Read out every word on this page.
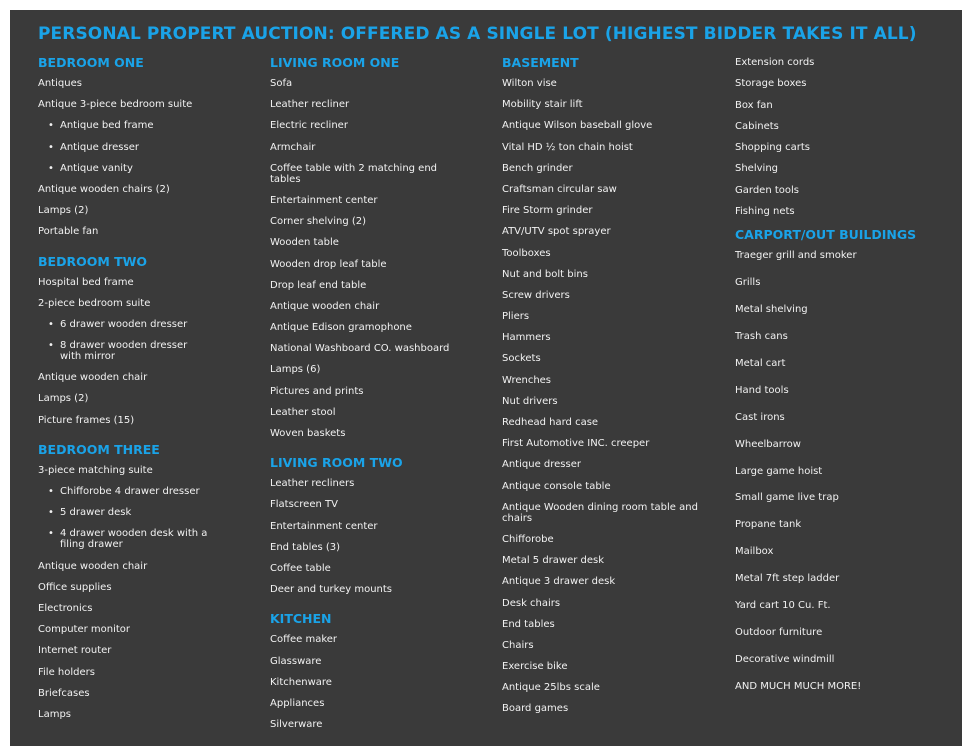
PERSONAL PROPERT AUCTION: OFFERED AS A SINGLE LOT (HIGHEST BIDDER TAKES IT ALL)
BEDROOM ONE
Antiques
Antique 3-piece bedroom suite
• Antique bed frame
• Antique dresser
• Antique vanity
Antique wooden chairs (2)
Lamps (2)
Portable fan
BEDROOM TWO
Hospital bed frame
2-piece bedroom suite
• 6 drawer wooden dresser
• 8 drawer wooden dresser with mirror
Antique wooden chair
Lamps (2)
Picture frames (15)
BEDROOM THREE
3-piece matching suite
• Chifforobe 4 drawer dresser
• 5 drawer desk
• 4 drawer wooden desk with a filing drawer
Antique wooden chair
Office supplies
Electronics
Computer monitor
Internet router
File holders
Briefcases
Lamps
LIVING ROOM ONE
Sofa
Leather recliner
Electric recliner
Armchair
Coffee table with 2 matching end tables
Entertainment center
Corner shelving (2)
Wooden table
Wooden drop leaf table
Drop leaf end table
Antique wooden chair
Antique Edison gramophone
National Washboard CO. washboard
Lamps (6)
Pictures and prints
Leather stool
Woven baskets
LIVING ROOM TWO
Leather recliners
Flatscreen TV
Entertainment center
End tables (3)
Coffee table
Deer and turkey mounts
KITCHEN
Coffee maker
Glassware
Kitchenware
Appliances
Silverware
BASEMENT
Wilton vise
Mobility stair lift
Antique Wilson baseball glove
Vital HD ½ ton chain hoist
Bench grinder
Craftsman circular saw
Fire Storm grinder
ATV/UTV spot sprayer
Toolboxes
Nut and bolt bins
Screw drivers
Pliers
Hammers
Sockets
Wrenches
Nut drivers
Redhead hard case
First Automotive INC. creeper
Antique dresser
Antique console table
Antique Wooden dining room table and chairs
Chifforobe
Metal 5 drawer desk
Antique 3 drawer desk
Desk chairs
End tables
Chairs
Exercise bike
Antique 25lbs scale
Board games
Extension cords
Storage boxes
Box fan
Cabinets
Shopping carts
Shelving
Garden tools
Fishing nets
CARPORT/OUT BUILDINGS
Traeger grill and smoker
Grills
Metal shelving
Trash cans
Metal cart
Hand tools
Cast irons
Wheelbarrow
Large game hoist
Small game live trap
Propane tank
Mailbox
Metal 7ft step ladder
Yard cart 10 Cu. Ft.
Outdoor furniture
Decorative windmill
AND MUCH MUCH MORE!
